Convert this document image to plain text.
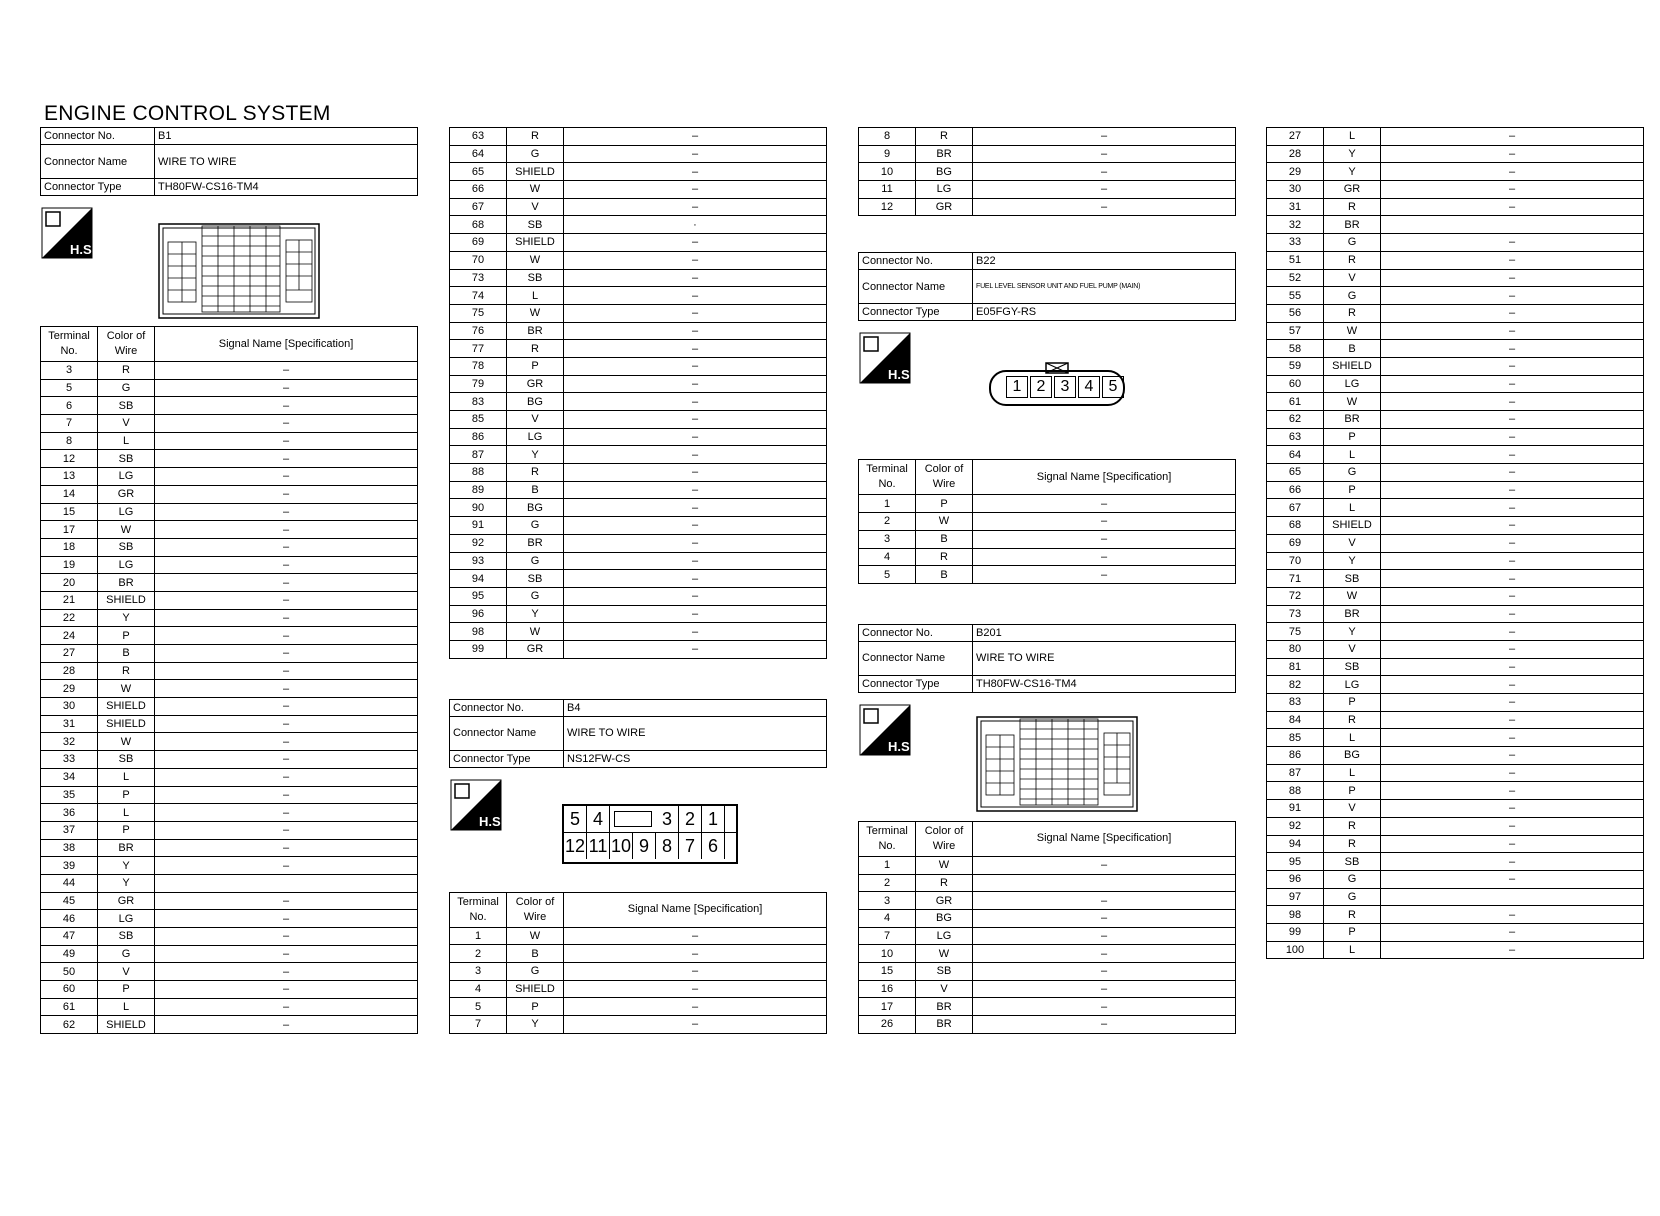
ENGINE CONTROL SYSTEM
Connector No.	B1
Connector Name	WIRE TO WIRE
Connector Type	TH80FW-CS16-TM4
H.S.
Terminal No.	Color of Wire	Signal Name [Specification]
3	R	–
5	G	–
6	SB	–
7	V	–
8	L	–
12	SB	–
13	LG	–
14	GR	–
15	LG	–
17	W	–
18	SB	–
19	LG	–
20	BR	–
21	SHIELD	–
22	Y	–
24	P	–
27	B	–
28	R	–
29	W	–
30	SHIELD	–
31	SHIELD	–
32	W	–
33	SB	–
34	L	–
35	P	–
36	L	–
37	P	–
38	BR	–
39	Y	–
44	Y	
45	GR	–
46	LG	–
47	SB	–
49	G	–
50	V	–
60	P	–
61	L	–
62	SHIELD	–
63	R	–
64	G	–
65	SHIELD	–
66	W	–
67	V	–
68	SB	·
69	SHIELD	–
70	W	–
73	SB	–
74	L	–
75	W	–
76	BR	–
77	R	–
78	P	–
79	GR	–
83	BG	–
85	V	–
86	LG	–
87	Y	–
88	R	–
89	B	–
90	BG	–
91	G	–
92	BR	–
93	G	–
94	SB	–
95	G	–
96	Y	–
98	W	–
99	GR	–
Connector No.	B4
Connector Name	WIRE TO WIRE
Connector Type	NS12FW-CS
H.S.	5 4	3 2 1
12 11 10 9 8 7 6
Terminal No.	Color of Wire	Signal Name [Specification]
1	W	–
2	B	–
3	G	–
4	SHIELD	–
5	P	–
7	Y	–
8	R	–
9	BR	–
10	BG	–
11	LG	–
12	GR	–
Connector No.	B22
Connector Name	FUEL LEVEL SENSOR UNIT AND FUEL PUMP (MAIN)
Connector Type	E05FGY-RS
H.S.
1 2 3 4 5
Terminal No.	Color of Wire	Signal Name [Specification]
1	P	–
2	W	–
3	B	–
4	R	–
5	B	–
Connector No.	B201
Connector Name	WIRE TO WIRE
Connector Type	TH80FW-CS16-TM4
H.S.
Terminal No.	Color of Wire	Signal Name [Specification]
1	W	–
2	R	
3	GR	–
4	BG	–
7	LG	–
10	W	–
15	SB	–
16	V	–
17	BR	–
26	BR	–
27	L	–
28	Y	–
29	Y	–
30	GR	–
31	R	–
32	BR	
33	G	–
51	R	–
52	V	–
55	G	–
56	R	–
57	W	–
58	B	–
59	SHIELD	–
60	LG	–
61	W	–
62	BR	–
63	P	–
64	L	–
65	G	–
66	P	–
67	L	–
68	SHIELD	–
69	V	–
70	Y	–
71	SB	–
72	W	–
73	BR	–
75	Y	–
80	V	–
81	SB	–
82	LG	–
83	P	–
84	R	–
85	L	–
86	BG	–
87	L	–
88	P	–
91	V	–
92	R	–
94	R	–
95	SB	–
96	G	–
97	G	
98	R	–
99	P	–
100	L	–
